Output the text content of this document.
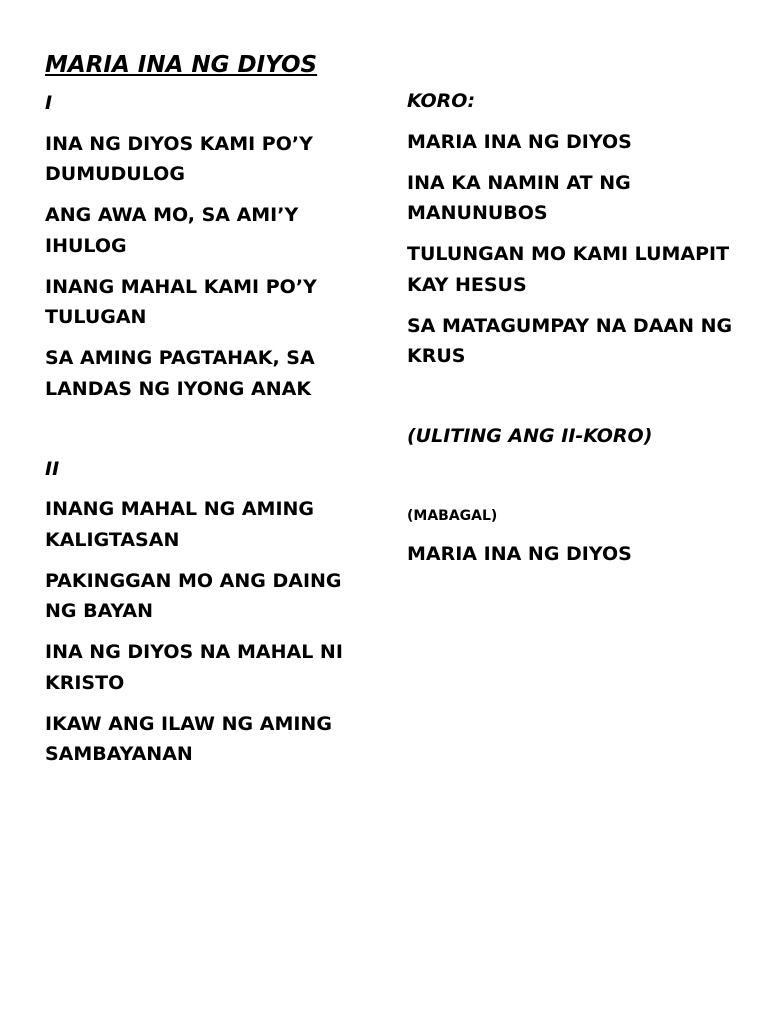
MARIA INA NG DIYOS
I
INA NG DIYOS KAMI PO’Y DUMUDULOG
ANG AWA MO, SA AMI’Y IHULOG
INANG MAHAL KAMI PO’Y TULUGAN
SA AMING PAGTAHAK, SA LANDAS NG IYONG ANAK
II
INANG MAHAL NG AMING KALIGTASAN
PAKINGGAN MO ANG DAING NG BAYAN
INA NG DIYOS NA MAHAL NI KRISTO
IKAW ANG ILAW NG AMING SAMBAYANAN
KORO:
MARIA INA NG DIYOS
INA KA NAMIN AT NG MANUNUBOS
TULUNGAN MO KAMI LUMAPIT KAY HESUS
SA MATAGUMPAY NA DAAN NG KRUS
(ULITING ANG II-KORO)
(MABAGAL)
MARIA INA NG DIYOS
